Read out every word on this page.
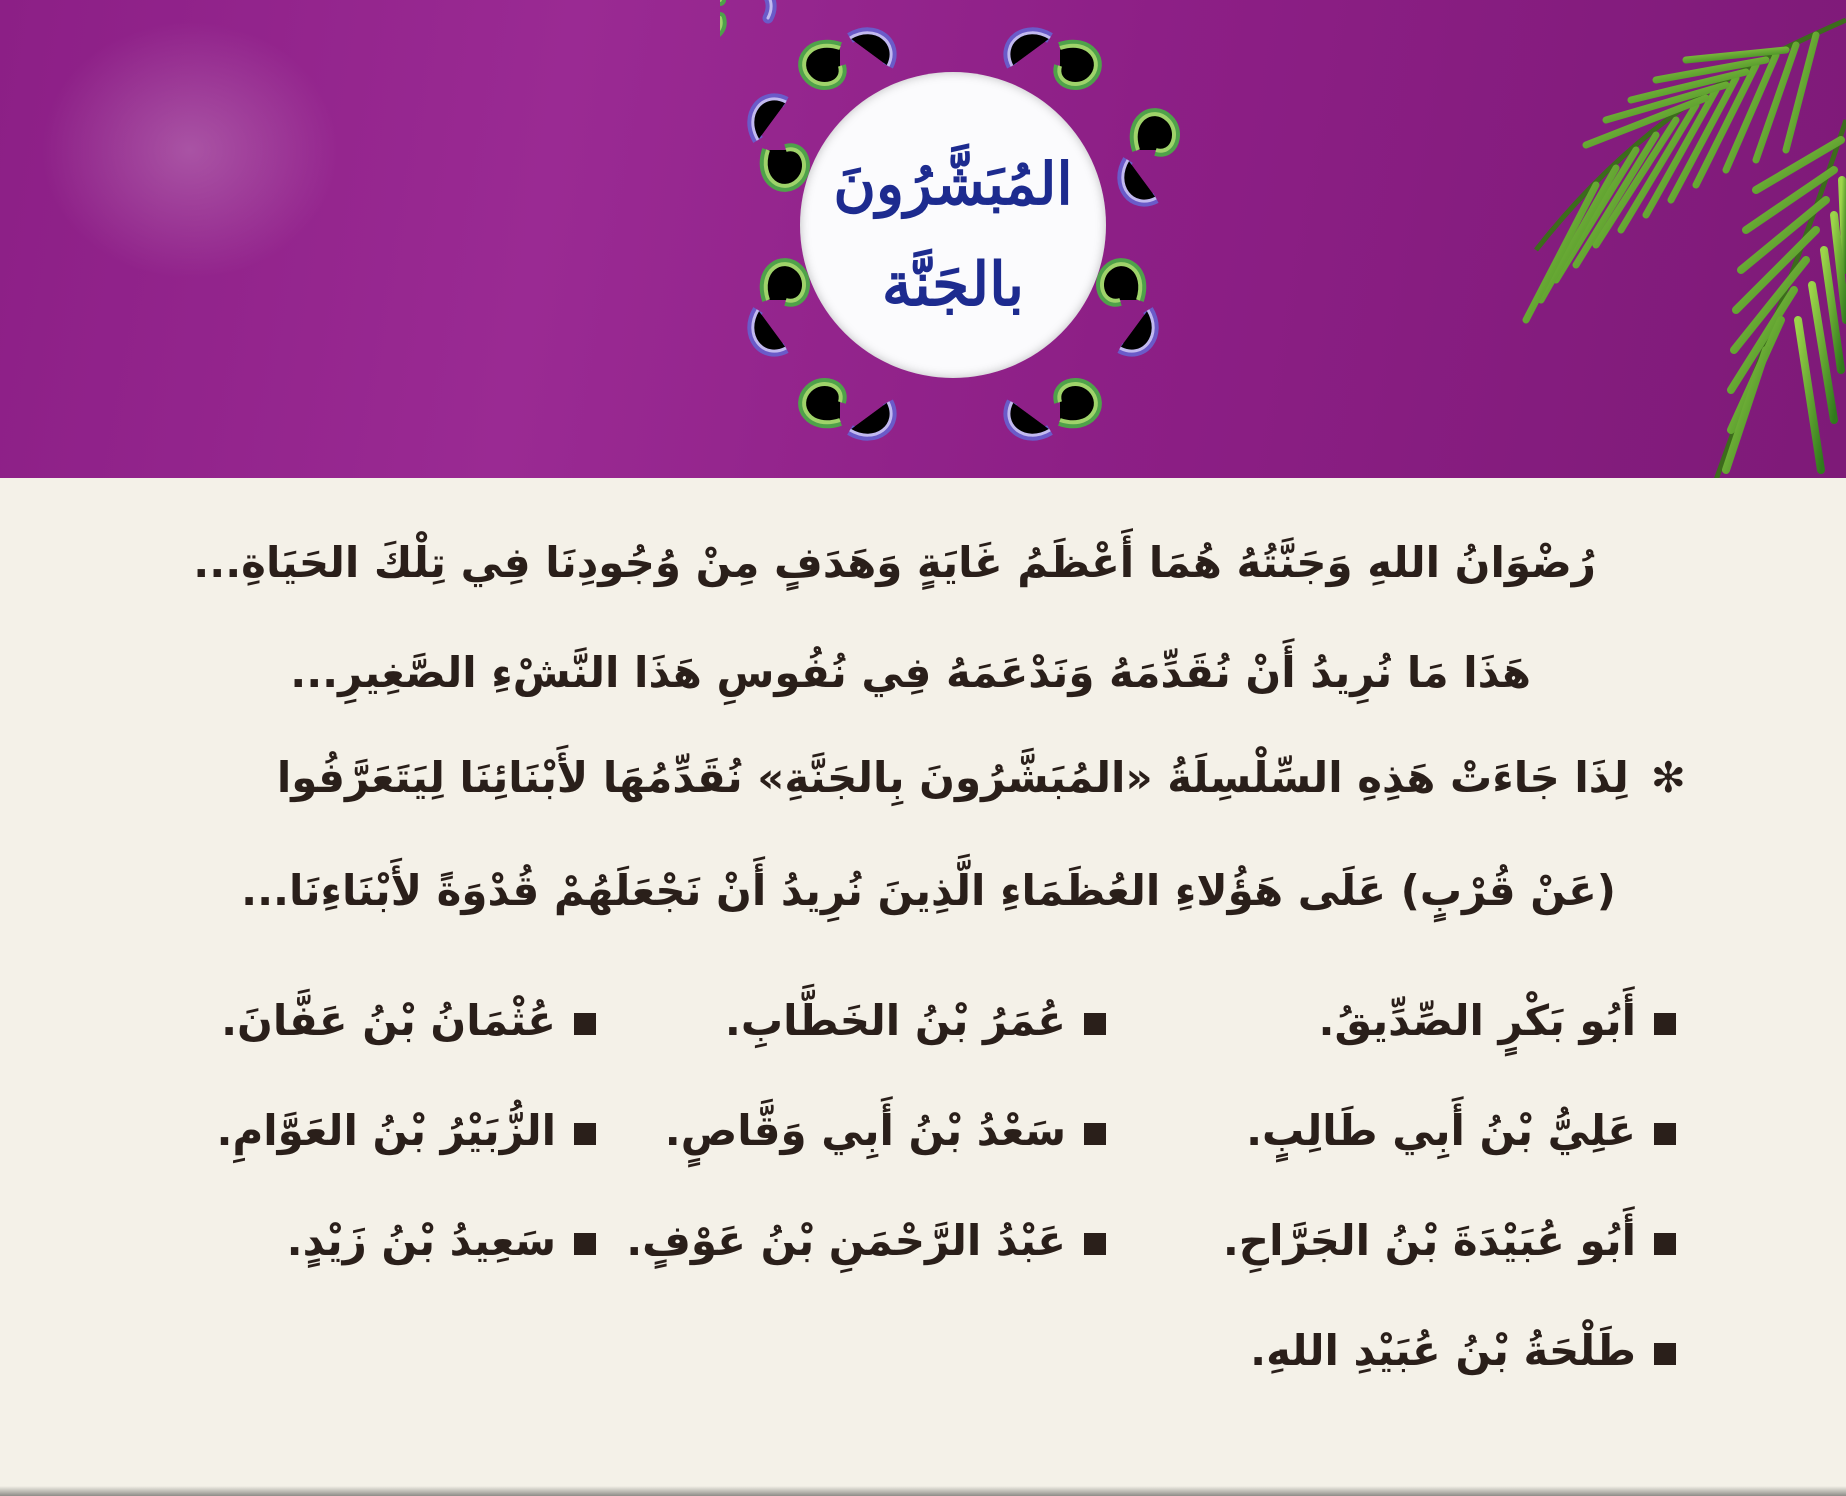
المُبَشَّرُونَ
بالجَنَّة
رُضْوَانُ اللهِ وَجَنَّتُهُ هُمَا أَعْظَمُ غَايَةٍ وَهَدَفٍ مِنْ وُجُودِنَا فِي تِلْكَ الحَيَاةِ...
هَذَا مَا نُرِيدُ أَنْ نُقَدِّمَهُ وَنَدْعَمَهُ فِي نُفُوسِ هَذَا النَّشْءِ الصَّغِيرِ...
✻لِذَا جَاءَتْ هَذِهِ السِّلْسِلَةُ «المُبَشَّرُونَ بِالجَنَّةِ» نُقَدِّمُهَا لأَبْنَائِنَا لِيَتَعَرَّفُوا
(عَنْ قُرْبٍ) عَلَى هَؤُلاءِ العُظَمَاءِ الَّذِينَ نُرِيدُ أَنْ نَجْعَلَهُمْ قُدْوَةً لأَبْنَاءِنَا...
أَبُو بَكْرٍ الصِّدِّيقُ.
عُمَرُ بْنُ الخَطَّابِ.
عُثْمَانُ بْنُ عَفَّانَ.
عَلِيُّ بْنُ أَبِي طَالِبٍ.
سَعْدُ بْنُ أَبِي وَقَّاصٍ.
الزُّبَيْرُ بْنُ العَوَّامِ.
أَبُو عُبَيْدَةَ بْنُ الجَرَّاحِ.
عَبْدُ الرَّحْمَنِ بْنُ عَوْفٍ.
سَعِيدُ بْنُ زَيْدٍ.
طَلْحَةُ بْنُ عُبَيْدِ اللهِ.
